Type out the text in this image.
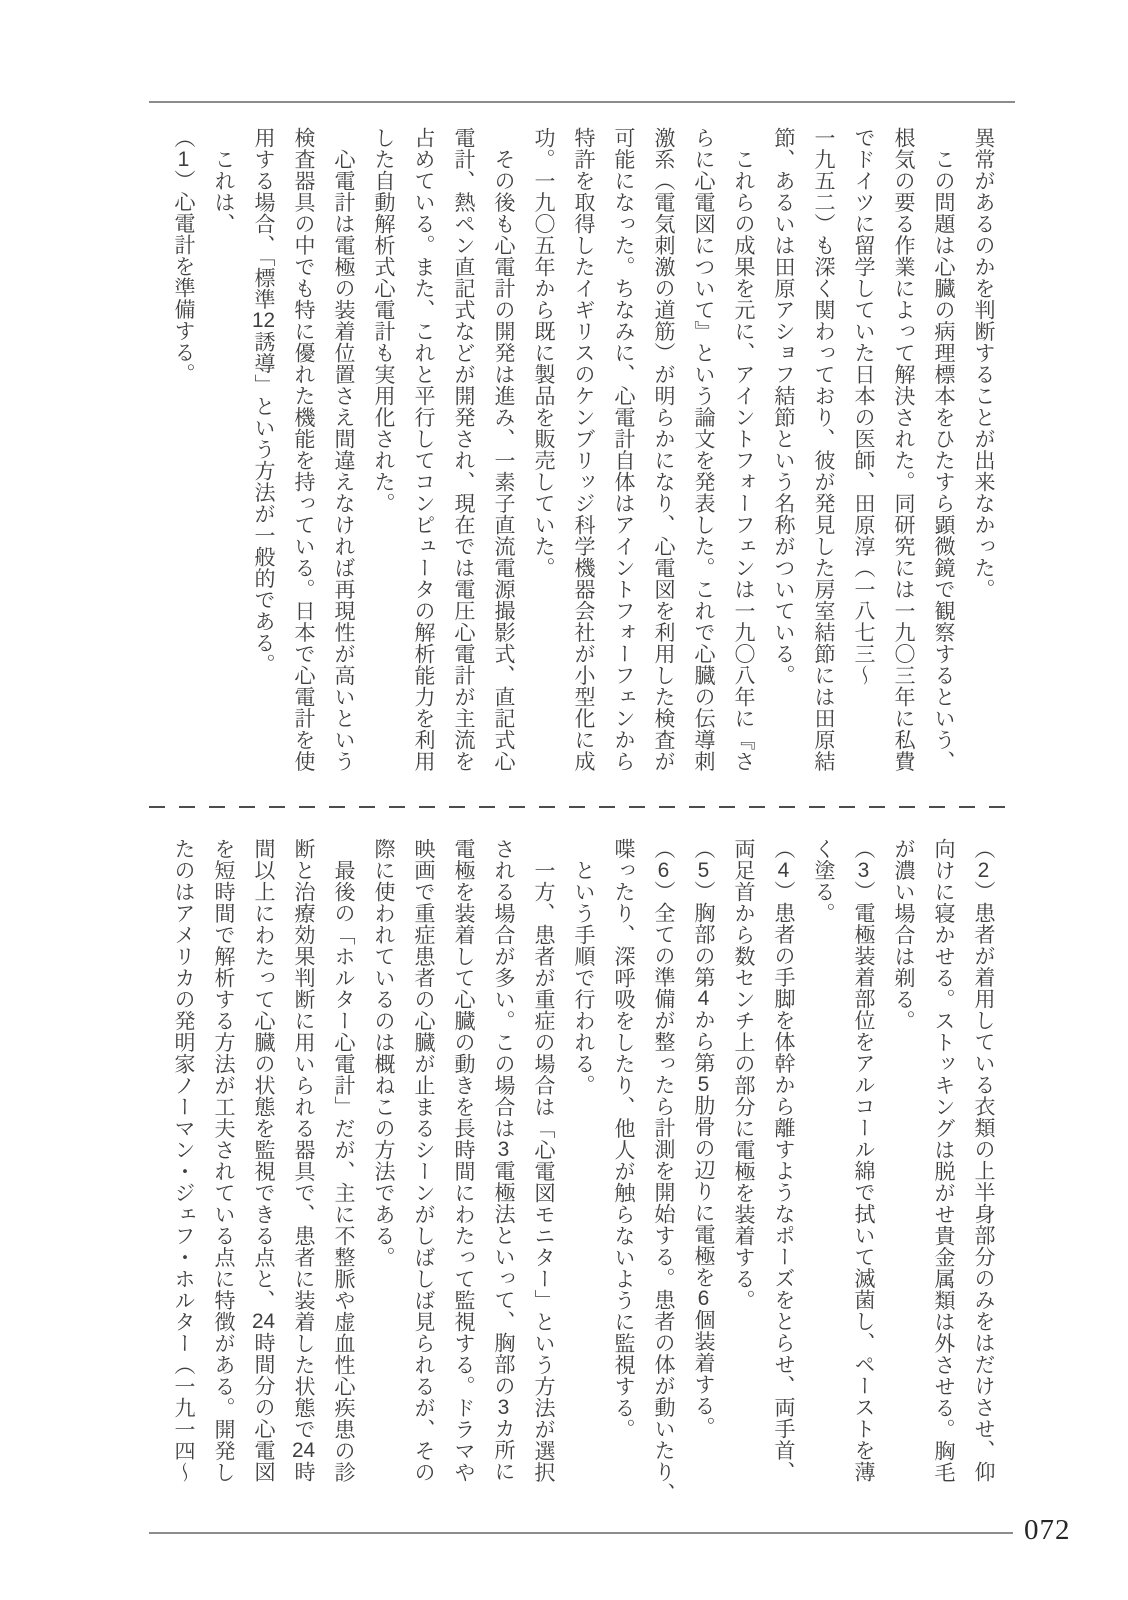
異常があるのかを判断することが出来なかった。
　この問題は心臓の病理標本をひたすら顕微鏡で観察するという、
根気の要る作業によって解決された。同研究には一九〇三年に私費
でドイツに留学していた日本の医師、田原淳（一八七三〜
一九五二）も深く関わっており、彼が発見した房室結節には田原結
節、あるいは田原アショフ結節という名称がついている。
　これらの成果を元に、アイントフォーフェンは一九〇八年に『さ
らに心電図について』という論文を発表した。これで心臓の伝導刺
激系（電気刺激の道筋）が明らかになり、心電図を利用した検査が
可能になった。ちなみに、心電計自体はアイントフォーフェンから
特許を取得したイギリスのケンブリッジ科学機器会社が小型化に成
功。一九〇五年から既に製品を販売していた。
　その後も心電計の開発は進み、一素子直流電源撮影式、直記式心
電計、熱ペン直記式などが開発され、現在では電圧心電計が主流を
占めている。また、これと平行してコンピュータの解析能力を利用
した自動解析式心電計も実用化された。
　心電計は電極の装着位置さえ間違えなければ再現性が高いという
検査器具の中でも特に優れた機能を持っている。日本で心電計を使
用する場合、「標準12誘導」という方法が一般的である。
　これは、
（1）心電計を準備する。
（2）患者が着用している衣類の上半身部分のみをはだけさせ、仰
向けに寝かせる。ストッキングは脱がせ貴金属類は外させる。胸毛
が濃い場合は剃る。
（3）電極装着部位をアルコール綿で拭いて滅菌し、ペーストを薄
く塗る。
（4）患者の手脚を体幹から離すようなポーズをとらせ、両手首、
両足首から数センチ上の部分に電極を装着する。
（5）胸部の第4から第5肋骨の辺りに電極を6個装着する。
（6）全ての準備が整ったら計測を開始する。患者の体が動いたり、
喋ったり、深呼吸をしたり、他人が触らないように監視する。
　という手順で行われる。
　一方、患者が重症の場合は「心電図モニター」という方法が選択
される場合が多い。この場合は3電極法といって、胸部の3カ所に
電極を装着して心臓の動きを長時間にわたって監視する。ドラマや
映画で重症患者の心臓が止まるシーンがしばしば見られるが、その
際に使われているのは概ねこの方法である。
　最後の「ホルター心電計」だが、主に不整脈や虚血性心疾患の診
断と治療効果判断に用いられる器具で、患者に装着した状態で24時
間以上にわたって心臓の状態を監視できる点と、24時間分の心電図
を短時間で解析する方法が工夫されている点に特徴がある。開発し
たのはアメリカの発明家ノーマン・ジェフ・ホルター（一九一四〜
072
